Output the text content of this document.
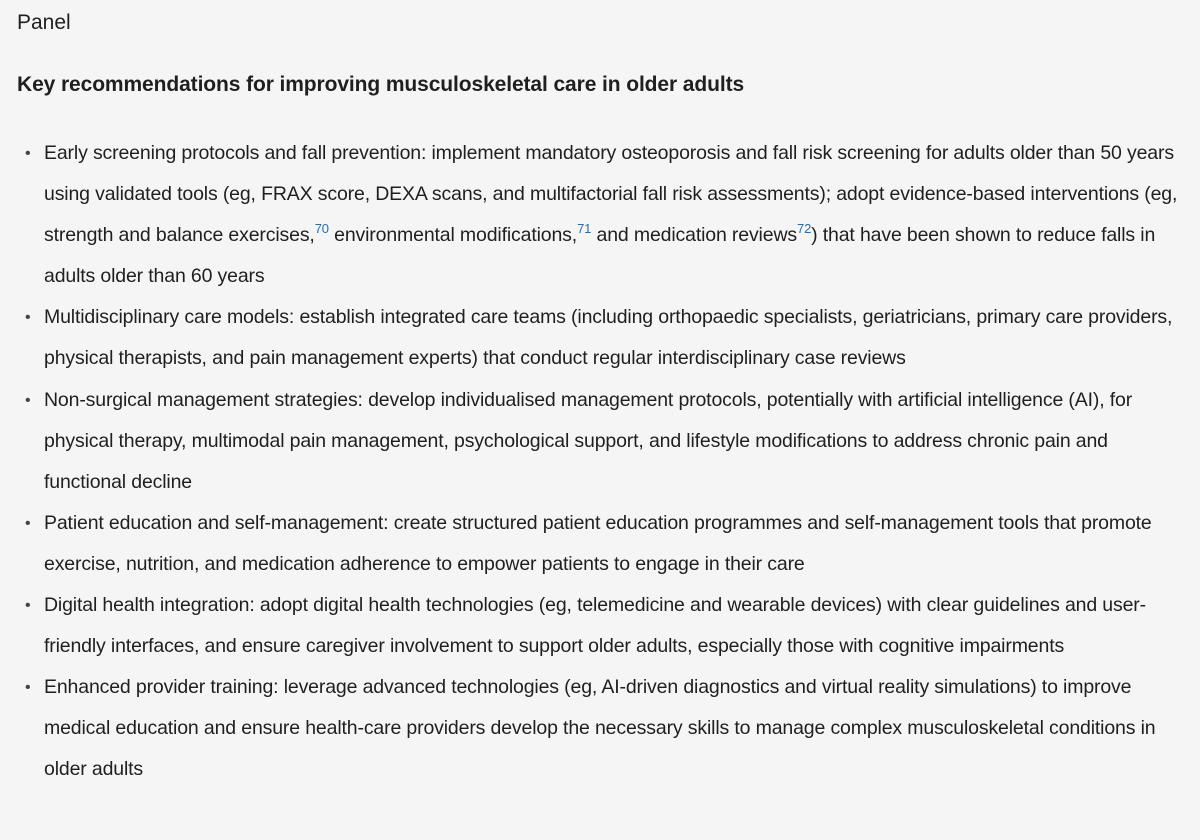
Panel
Key recommendations for improving musculoskeletal care in older adults
• Early screening protocols and fall prevention: implement mandatory osteoporosis and fall risk screening for adults older than 50 years using validated tools (eg, FRAX score, DEXA scans, and multifactorial fall risk assessments); adopt evidence-based interventions (eg, strength and balance exercises,$^{70}$ environmental modifications,$^{71}$ and medication reviews$^{72}$) that have been shown to reduce falls in adults older than 60 years
• Multidisciplinary care models: establish integrated care teams (including orthopaedic specialists, geriatricians, primary care providers, physical therapists, and pain management experts) that conduct regular interdisciplinary case reviews
• Non-surgical management strategies: develop individualised management protocols, potentially with artificial intelligence (AI), for physical therapy, multimodal pain management, psychological support, and lifestyle modifications to address chronic pain and functional decline
• Patient education and self-management: create structured patient education programmes and self-management tools that promote exercise, nutrition, and medication adherence to empower patients to engage in their care
• Digital health integration: adopt digital health technologies (eg, telemedicine and wearable devices) with clear guidelines and user-friendly interfaces, and ensure caregiver involvement to support older adults, especially those with cognitive impairments
• Enhanced provider training: leverage advanced technologies (eg, AI-driven diagnostics and virtual reality simulations) to improve medical education and ensure health-care providers develop the necessary skills to manage complex musculoskeletal conditions in older adults
